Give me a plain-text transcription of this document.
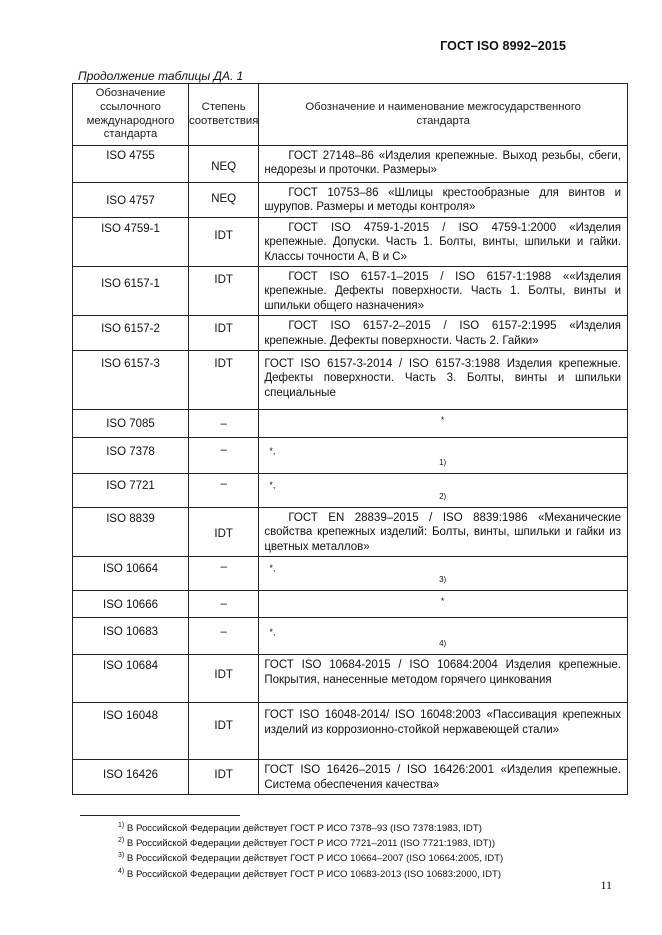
ГОСТ ISO 8992–2015
Продолжение таблицы ДА. 1
Обозначение ссылочного международного стандарта	Степень соответствия	Обозначение и наименование межгосударственного стандарта

ISO 4755	NEQ	ГОСТ 27148–86 «Изделия крепежные. Выход резьбы, сбеги, недорезы и проточки. Размеры»

ISO 4757	NEQ	ГОСТ 10753–86 «Шлицы крестообразные для винтов и шурупов. Размеры и методы контроля»

ISO 4759-1	IDT	ГОСТ ISO 4759-1-2015 / ISO 4759-1:2000 «Изделия крепежные. Допуски. Часть 1. Болты, винты, шпильки и гайки. Классы точности А, В и С»

ISO 6157-1	IDT	ГОСТ ISO 6157-1–2015 / ISO 6157-1:1988 ««Изделия крепежные. Дефекты поверхности. Часть 1. Болты, винты и шпильки общего назначения»

ISO 6157-2	IDT	ГОСТ ISO 6157-2–2015 / ISO 6157-2:1995 «Изделия крепежные. Дефекты поверхности. Часть 2. Гайки»

ISO 6157-3	IDT	ГОСТ ISO 6157-3-2014 / ISO 6157-3:1988 Изделия крепежные. Дефекты поверхности. Часть 3. Болты, винты и шпильки специальные

ISO 7085	–	*

ISO 7378	–	*,
$^{1)}$

ISO 7721	–	*,
$^{2)}$

ISO 8839	IDT	ГОСТ EN 28839–2015 / ISO 8839:1986 «Механические свойства крепежных изделий: Болты, винты, шпильки и гайки из цветных металлов»

ISO 10664	–	*,
$^{3)}$

ISO 10666	–	*

ISO 10683	–	*,
$^{4)}$

ISO 10684	IDT	ГОСТ ISO 10684-2015 / ISO 10684:2004 Изделия крепежные. Покрытия, нанесенные методом горячего цинкования

ISO 16048	IDT	ГОСТ ISO 16048-2014/ ISO 16048:2003 «Пассивация крепежных изделий из коррозионно-стойкой нержавеющей стали»

ISO 16426	IDT	ГОСТ ISO 16426–2015 / ISO 16426:2001 «Изделия крепежные. Система обеспечения качества»
$^{1)}$ В Российской Федерации действует ГОСТ Р ИСО 7378–93 (ISO 7378:1983, IDT)
$^{2)}$ В Российской Федерации действует ГОСТ Р ИСО 7721–2011 (ISO 7721:1983, IDT))
$^{3)}$ В Российской Федерации действует ГОСТ Р ИСО 10664–2007 (ISO 10664:2005, IDT)
$^{4)}$ В Российской Федерации действует ГОСТ Р ИСО 10683-2013 (ISO 10683:2000, IDT)
11
